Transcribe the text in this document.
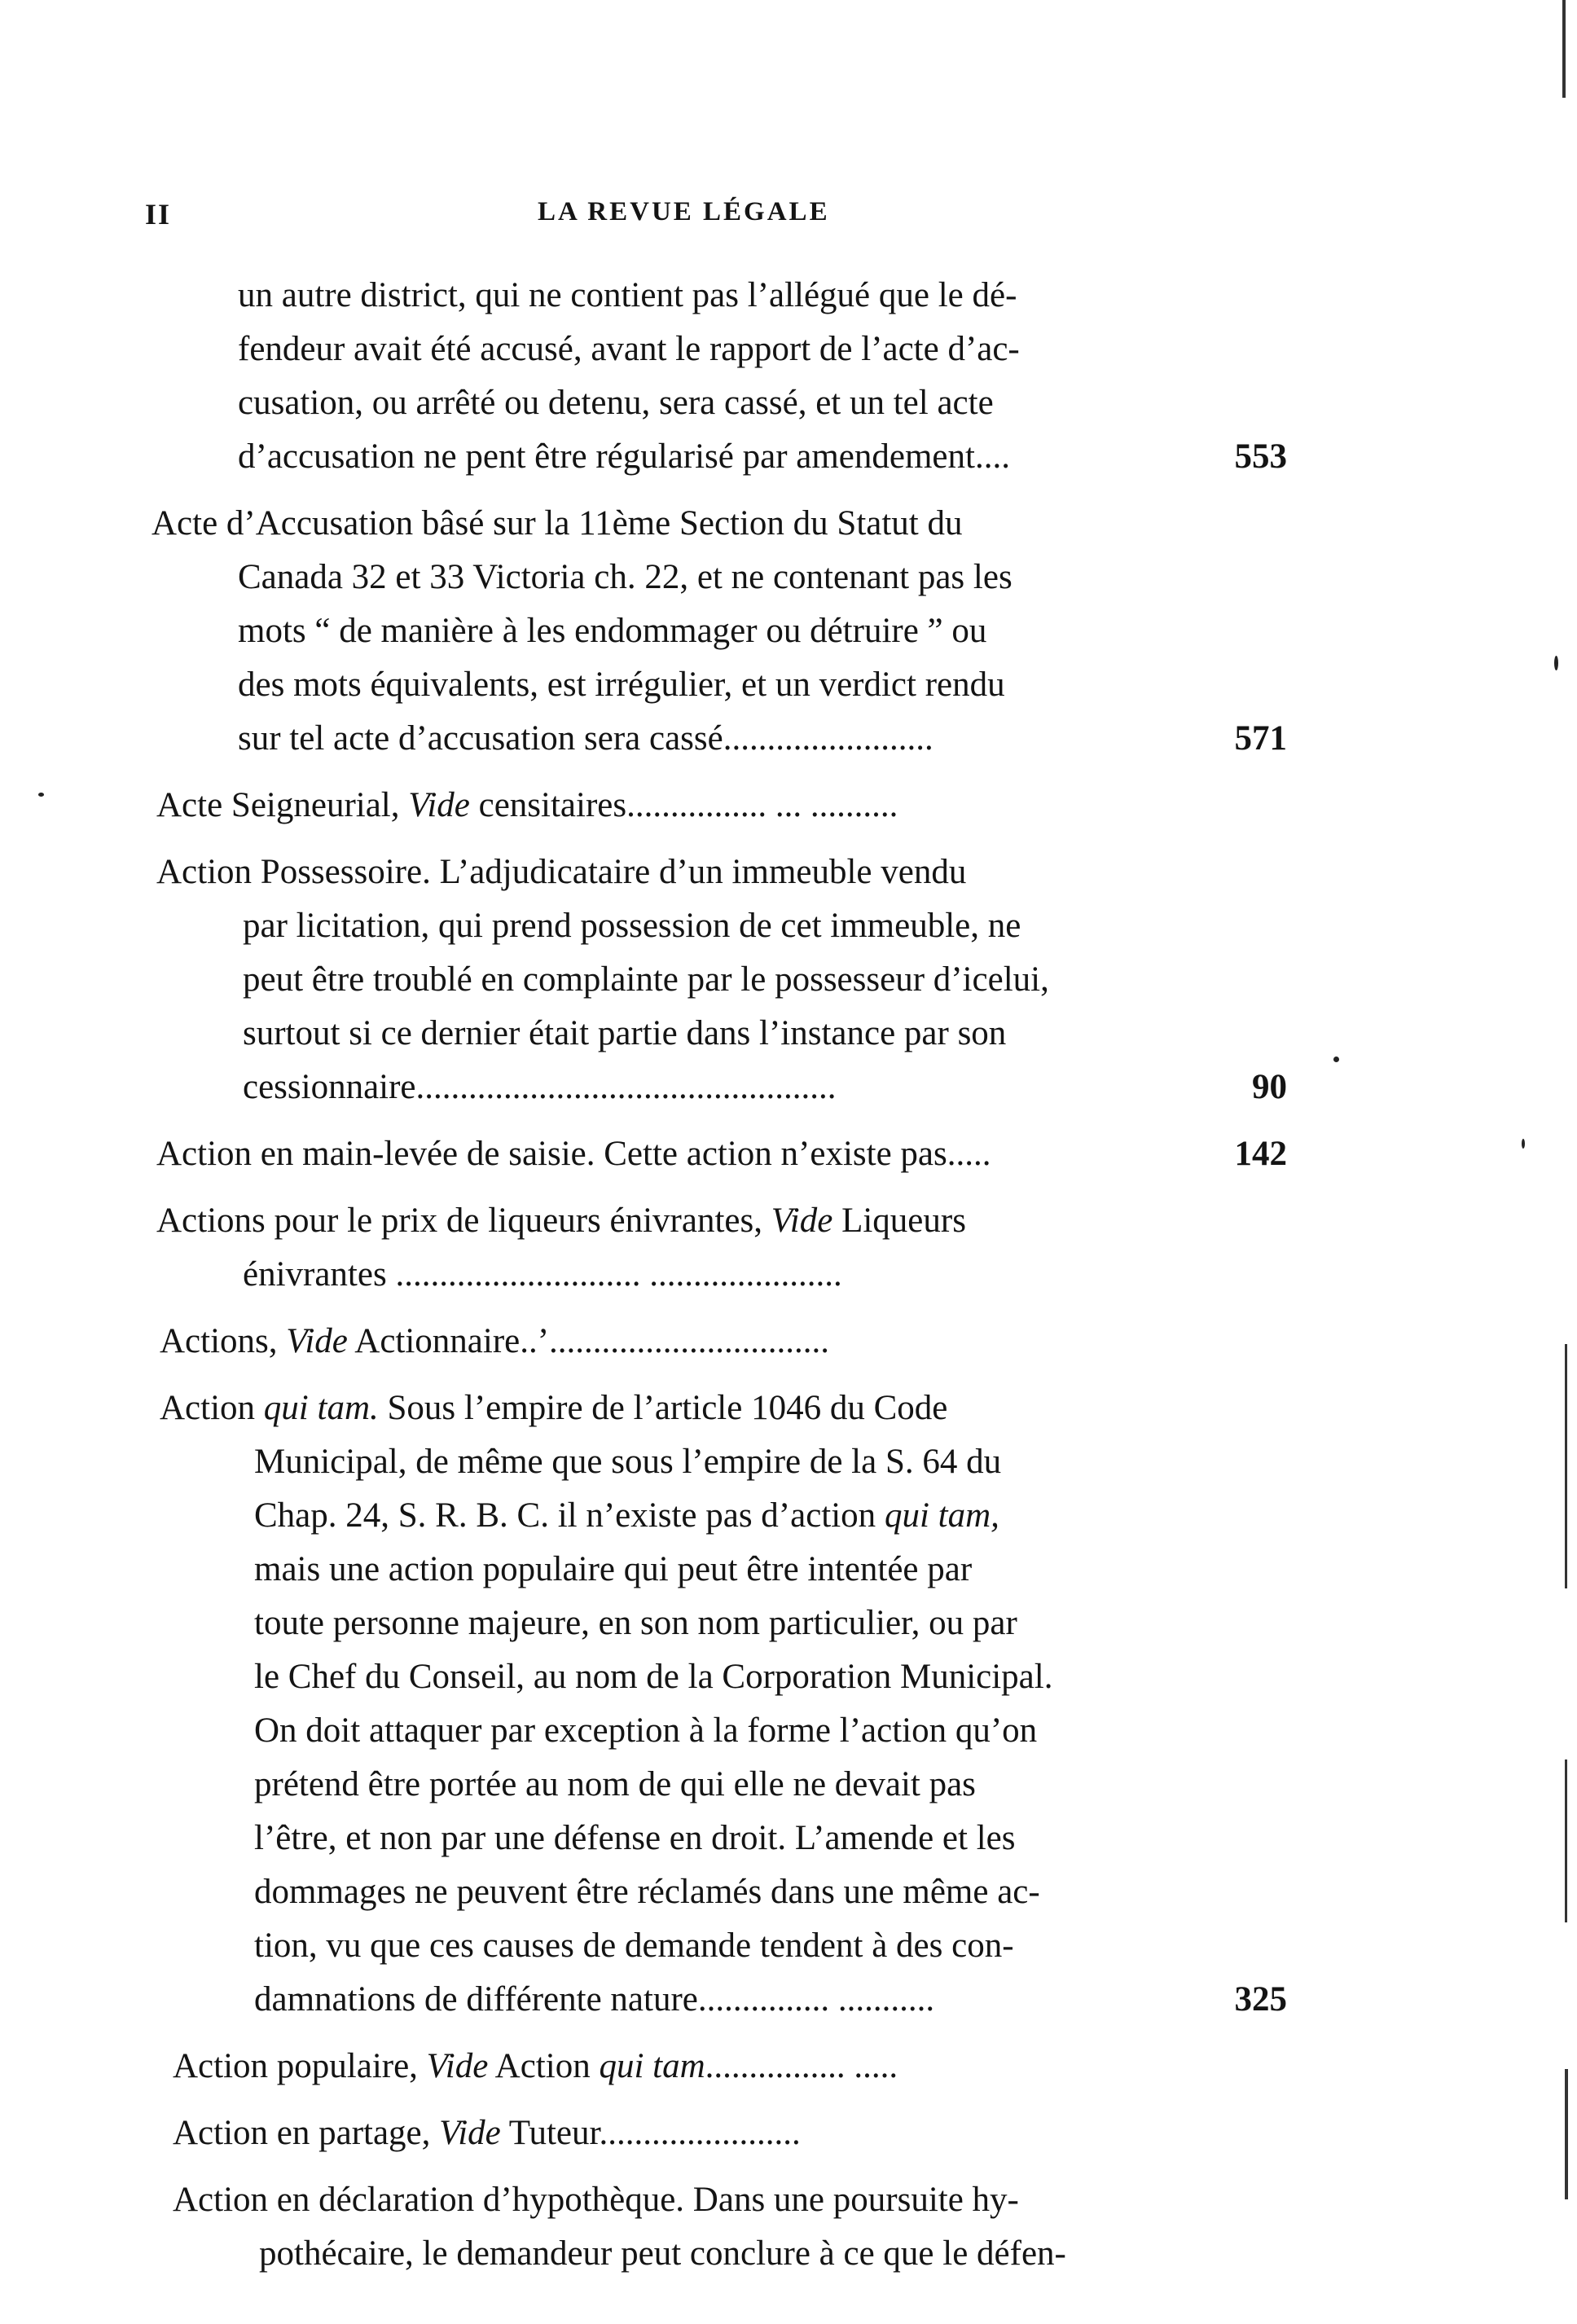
II	LA REVUE LÉGALE
un autre district, qui ne contient pas l’allégué que le dé-
fendeur avait été accusé, avant le rapport de l’acte d’ac-
cusation, ou arrêté ou detenu, sera cassé, et un tel acte
d’accusation ne pent être régularisé par amendement....	553
Acte d’Accusation bâsé sur la 11ème Section du Statut du
Canada 32 et 33 Victoria ch. 22, et ne contenant pas les
mots “ de manière à les endommager ou détruire ” ou
des mots équivalents, est irrégulier, et un verdict rendu
sur tel acte d’accusation sera cassé........................	571
Acte Seigneurial, Vide censitaires................ ... ..........
Action Possessoire. L’adjudicataire d’un immeuble vendu
par licitation, qui prend possession de cet immeuble, ne
peut être troublé en complainte par le possesseur d’icelui,
surtout si ce dernier était partie dans l’instance par son
cessionnaire................................................	90
Action en main-levée de saisie. Cette action n’existe pas.....	142
Actions pour le prix de liqueurs énivrantes, Vide Liqueurs
énivrantes ............................ ......................
Actions, Vide Actionnaire..’................................
Action qui tam. Sous l’empire de l’article 1046 du Code
Municipal, de même que sous l’empire de la S. 64 du
Chap. 24, S. R. B. C. il n’existe pas d’action qui tam,
mais une action populaire qui peut être intentée par
toute personne majeure, en son nom particulier, ou par
le Chef du Conseil, au nom de la Corporation Municipal.
On doit attaquer par exception à la forme l’action qu’on
prétend être portée au nom de qui elle ne devait pas
l’être, et non par une défense en droit. L’amende et les
dommages ne peuvent être réclamés dans une même ac-
tion, vu que ces causes de demande tendent à des con-
damnations de différente nature............... ...........	325
Action populaire, Vide Action qui tam................ .....
Action en partage, Vide Tuteur.......................
Action en déclaration d’hypothèque. Dans une poursuite hy-
pothécaire, le demandeur peut conclure à ce que le défen-
